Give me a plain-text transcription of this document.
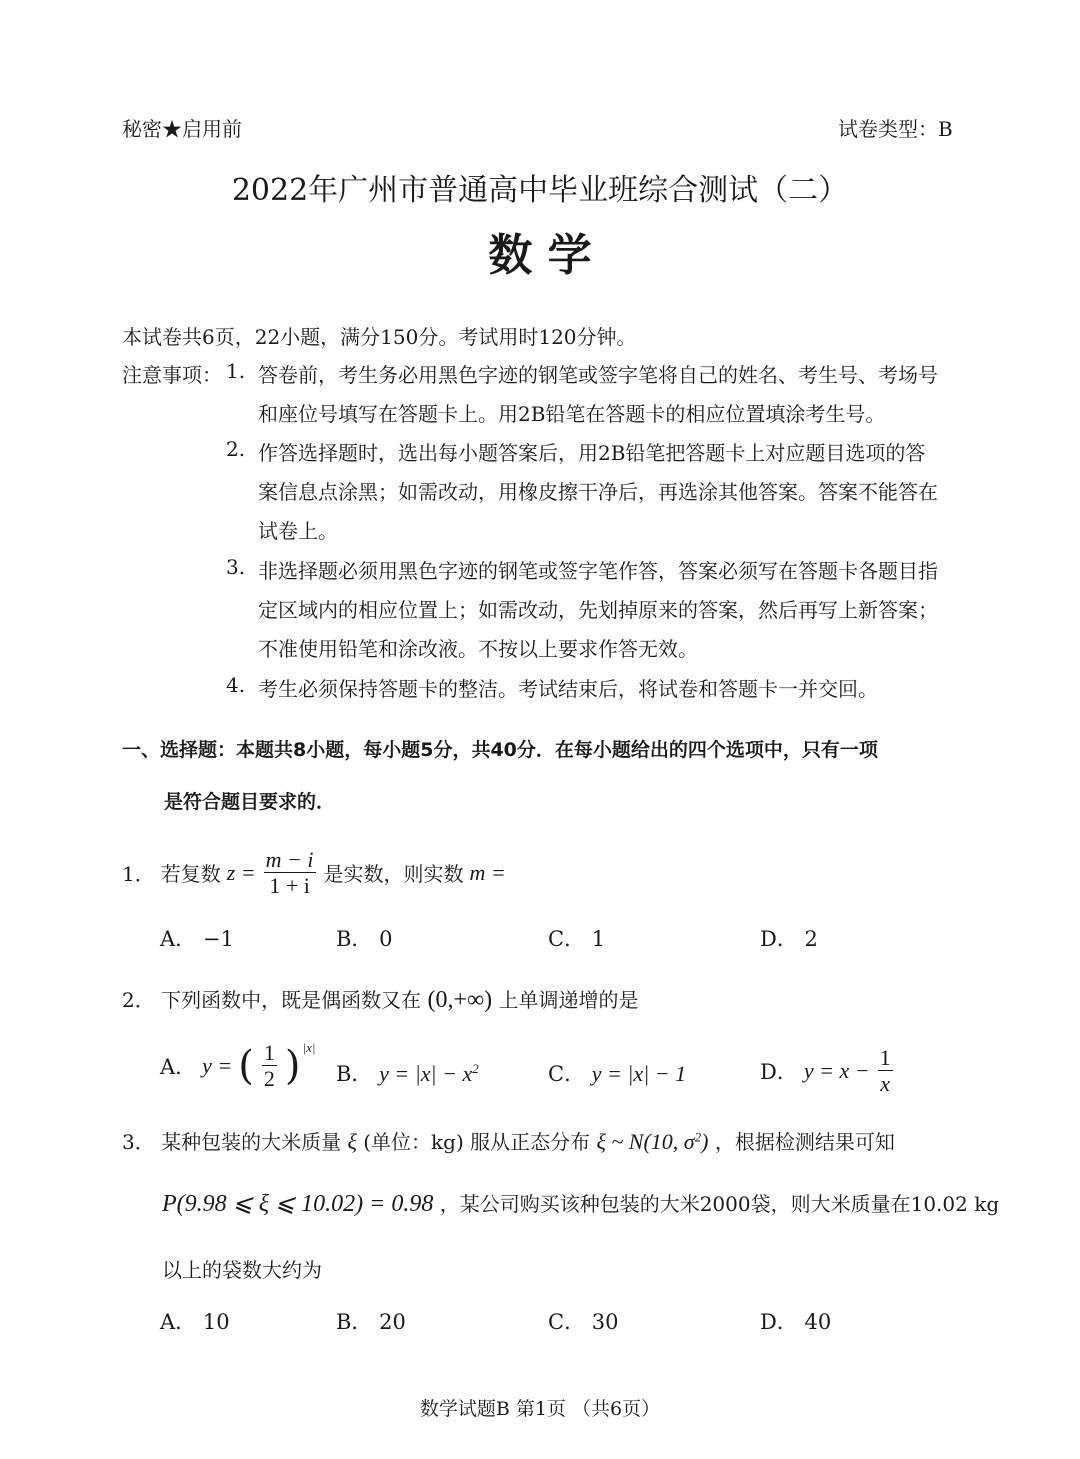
秘密★启用前	试卷类型：B
2022年广州市普通高中毕业班综合测试（二）
数 学
本试卷共6页，22小题，满分150分。考试用时120分钟。
注意事项： 1. 答卷前，考生务必用黑色字迹的钢笔或签字笔将自己的姓名、考生号、考场号
和座位号填写在答题卡上。用2B铅笔在答题卡的相应位置填涂考生号。
2. 作答选择题时，选出每小题答案后，用2B铅笔把答题卡上对应题目选项的答
案信息点涂黑；如需改动，用橡皮擦干净后，再选涂其他答案。答案不能答在
试卷上。
3. 非选择题必须用黑色字迹的钢笔或签字笔作答，答案必须写在答题卡各题目指
定区域内的相应位置上；如需改动，先划掉原来的答案，然后再写上新答案；
不准使用铅笔和涂改液。不按以上要求作答无效。
4. 考生必须保持答题卡的整洁。考试结束后，将试卷和答题卡一并交回。
一、选择题：本题共8小题，每小题5分，共40分．在每小题给出的四个选项中，只有一项
是符合题目要求的．
1． 若复数 $z = \frac{m - i}{1 + i}$ 是实数，则实数 m =
A． −1	B． 0	C． 1	D． 2
2． 下列函数中，既是偶函数又在 (0,+∞) 上单调递增的是
A． y = ( $\frac{1}{2}$ ) |x|
B． $y = |x| - x^2$	C． y = |x| − 1	D． $y = x - \frac{1}{x}$
3． 某种包装的大米质量 ξ (单位：kg) 服从正态分布 ξ ~ N(10, $\sigma^2$) ，根据检测结果可知
P(9.98 ⩽ ξ ⩽ 10.02) = 0.98 ，某公司购买该种包装的大米2000袋，则大米质量在10.02 kg
以上的袋数大约为
A． 10	B． 20	C． 30	D． 40
数学试题B 第1页 （共6页）
